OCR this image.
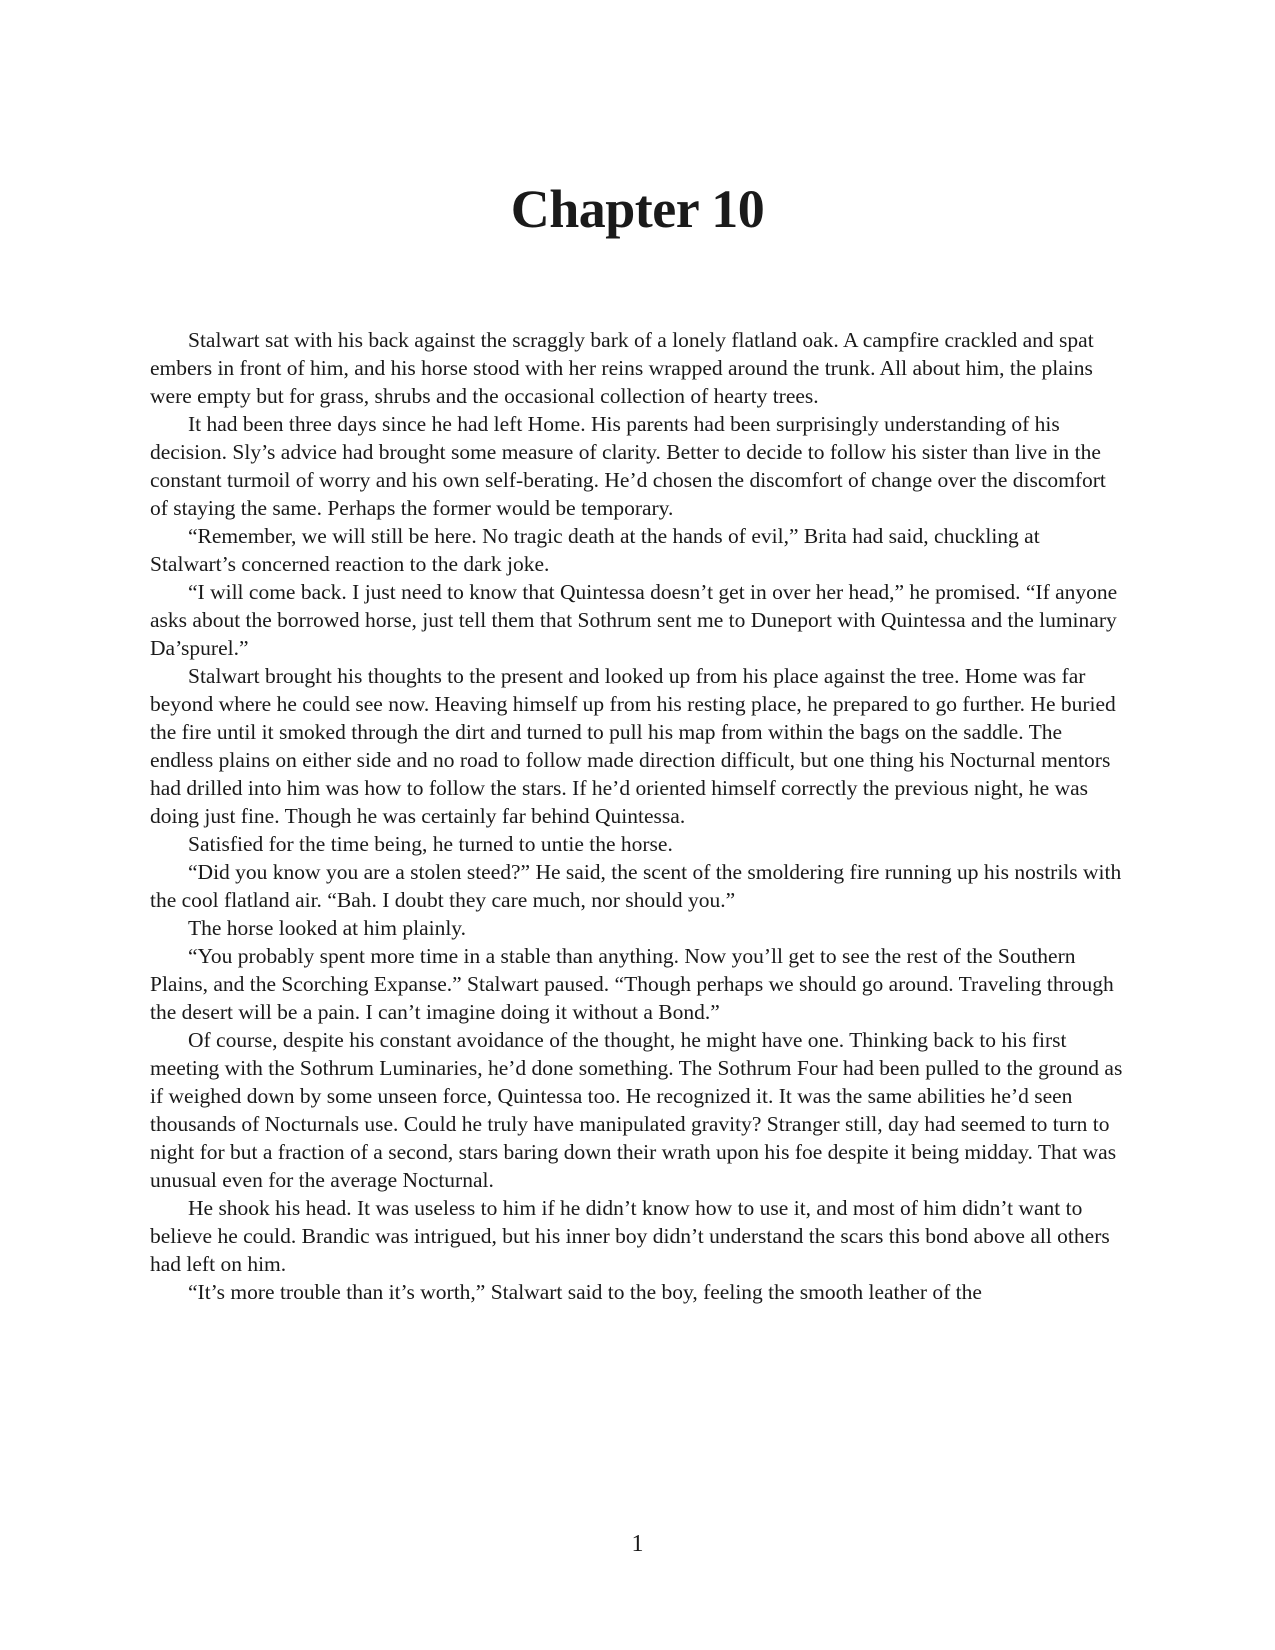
Chapter 10

Stalwart sat with his back against the scraggly bark of a lonely flatland oak. A campfire crackled and spat embers in front of him, and his horse stood with her reins wrapped around the trunk. All about him, the plains were empty but for grass, shrubs and the occasional collection of hearty trees.

It had been three days since he had left Home. His parents had been surprisingly understanding of his decision. Sly’s advice had brought some measure of clarity. Better to decide to follow his sister than live in the constant turmoil of worry and his own self-berating. He’d chosen the discomfort of change over the discomfort of staying the same. Perhaps the former would be temporary.

“Remember, we will still be here. No tragic death at the hands of evil,” Brita had said, chuckling at Stalwart’s concerned reaction to the dark joke.

“I will come back. I just need to know that Quintessa doesn’t get in over her head,” he promised. “If anyone asks about the borrowed horse, just tell them that Sothrum sent me to Duneport with Quintessa and the luminary Da’spurel.”

Stalwart brought his thoughts to the present and looked up from his place against the tree. Home was far beyond where he could see now. Heaving himself up from his resting place, he prepared to go further. He buried the fire until it smoked through the dirt and turned to pull his map from within the bags on the saddle. The endless plains on either side and no road to follow made direction difficult, but one thing his Nocturnal mentors had drilled into him was how to follow the stars. If he’d oriented himself correctly the previous night, he was doing just fine. Though he was certainly far behind Quintessa.

Satisfied for the time being, he turned to untie the horse.

“Did you know you are a stolen steed?” He said, the scent of the smoldering fire running up his nostrils with the cool flatland air. “Bah. I doubt they care much, nor should you.”

The horse looked at him plainly.

“You probably spent more time in a stable than anything. Now you’ll get to see the rest of the Southern Plains, and the Scorching Expanse.” Stalwart paused. “Though perhaps we should go around. Traveling through the desert will be a pain. I can’t imagine doing it without a Bond.”

Of course, despite his constant avoidance of the thought, he might have one. Thinking back to his first meeting with the Sothrum Luminaries, he’d done something. The Sothrum Four had been pulled to the ground as if weighed down by some unseen force, Quintessa too. He recognized it. It was the same abilities he’d seen thousands of Nocturnals use. Could he truly have manipulated gravity? Stranger still, day had seemed to turn to night for but a fraction of a second, stars baring down their wrath upon his foe despite it being midday. That was unusual even for the average Nocturnal.

He shook his head. It was useless to him if he didn’t know how to use it, and most of him didn’t want to believe he could. Brandic was intrigued, but his inner boy didn’t understand the scars this bond above all others had left on him.

“It’s more trouble than it’s worth,” Stalwart said to the boy, feeling the smooth leather of the

1
